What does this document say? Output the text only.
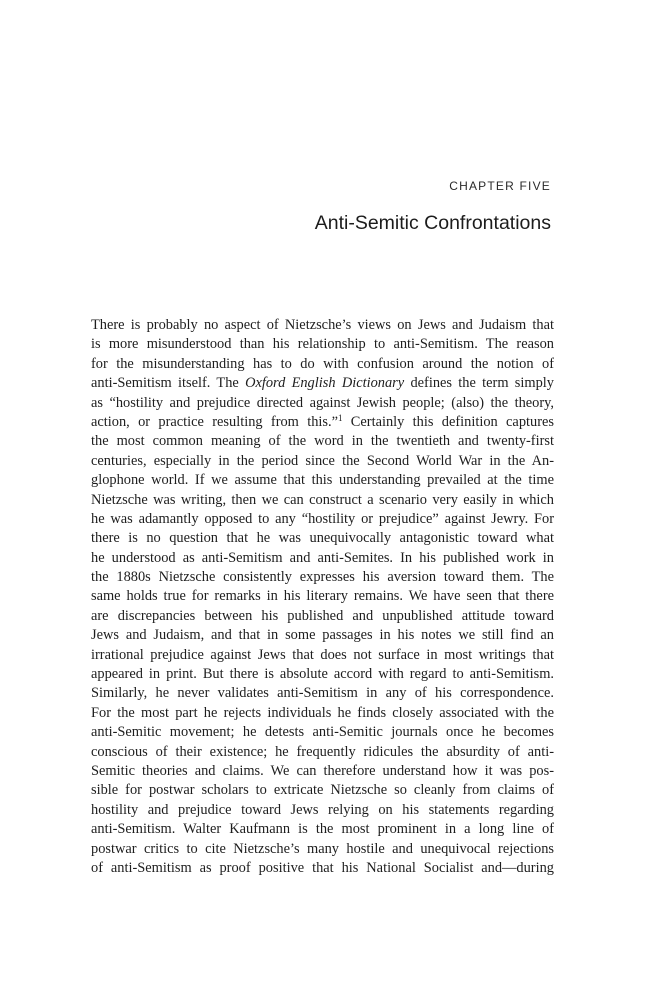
CHAPTER FIVE
Anti-Semitic Confrontations
There is probably no aspect of Nietzsche’s views on Jews and Judaism that
is more misunderstood than his relationship to anti-Semitism. The reason
for the misunderstanding has to do with confusion around the notion of
anti-Semitism itself. The Oxford English Dictionary defines the term simply
as “hostility and prejudice directed against Jewish people; (also) the theory,
action, or practice resulting from this.”$^1$ Certainly this definition captures
the most common meaning of the word in the twentieth and twenty-first
centuries, especially in the period since the Second World War in the An-
glophone world. If we assume that this understanding prevailed at the time
Nietzsche was writing, then we can construct a scenario very easily in which
he was adamantly opposed to any “hostility or prejudice” against Jewry. For
there is no question that he was unequivocally antagonistic toward what
he understood as anti-Semitism and anti-Semites. In his published work in
the 1880s Nietzsche consistently expresses his aversion toward them. The
same holds true for remarks in his literary remains. We have seen that there
are discrepancies between his published and unpublished attitude toward
Jews and Judaism, and that in some passages in his notes we still find an
irrational prejudice against Jews that does not surface in most writings that
appeared in print. But there is absolute accord with regard to anti-Semitism.
Similarly, he never validates anti-Semitism in any of his correspondence.
For the most part he rejects individuals he finds closely associated with the
anti-Semitic movement; he detests anti-Semitic journals once he becomes
conscious of their existence; he frequently ridicules the absurdity of anti-
Semitic theories and claims. We can therefore understand how it was pos-
sible for postwar scholars to extricate Nietzsche so cleanly from claims of
hostility and prejudice toward Jews relying on his statements regarding
anti-Semitism. Walter Kaufmann is the most prominent in a long line of
postwar critics to cite Nietzsche’s many hostile and unequivocal rejections
of anti-Semitism as proof positive that his National Socialist and—during
